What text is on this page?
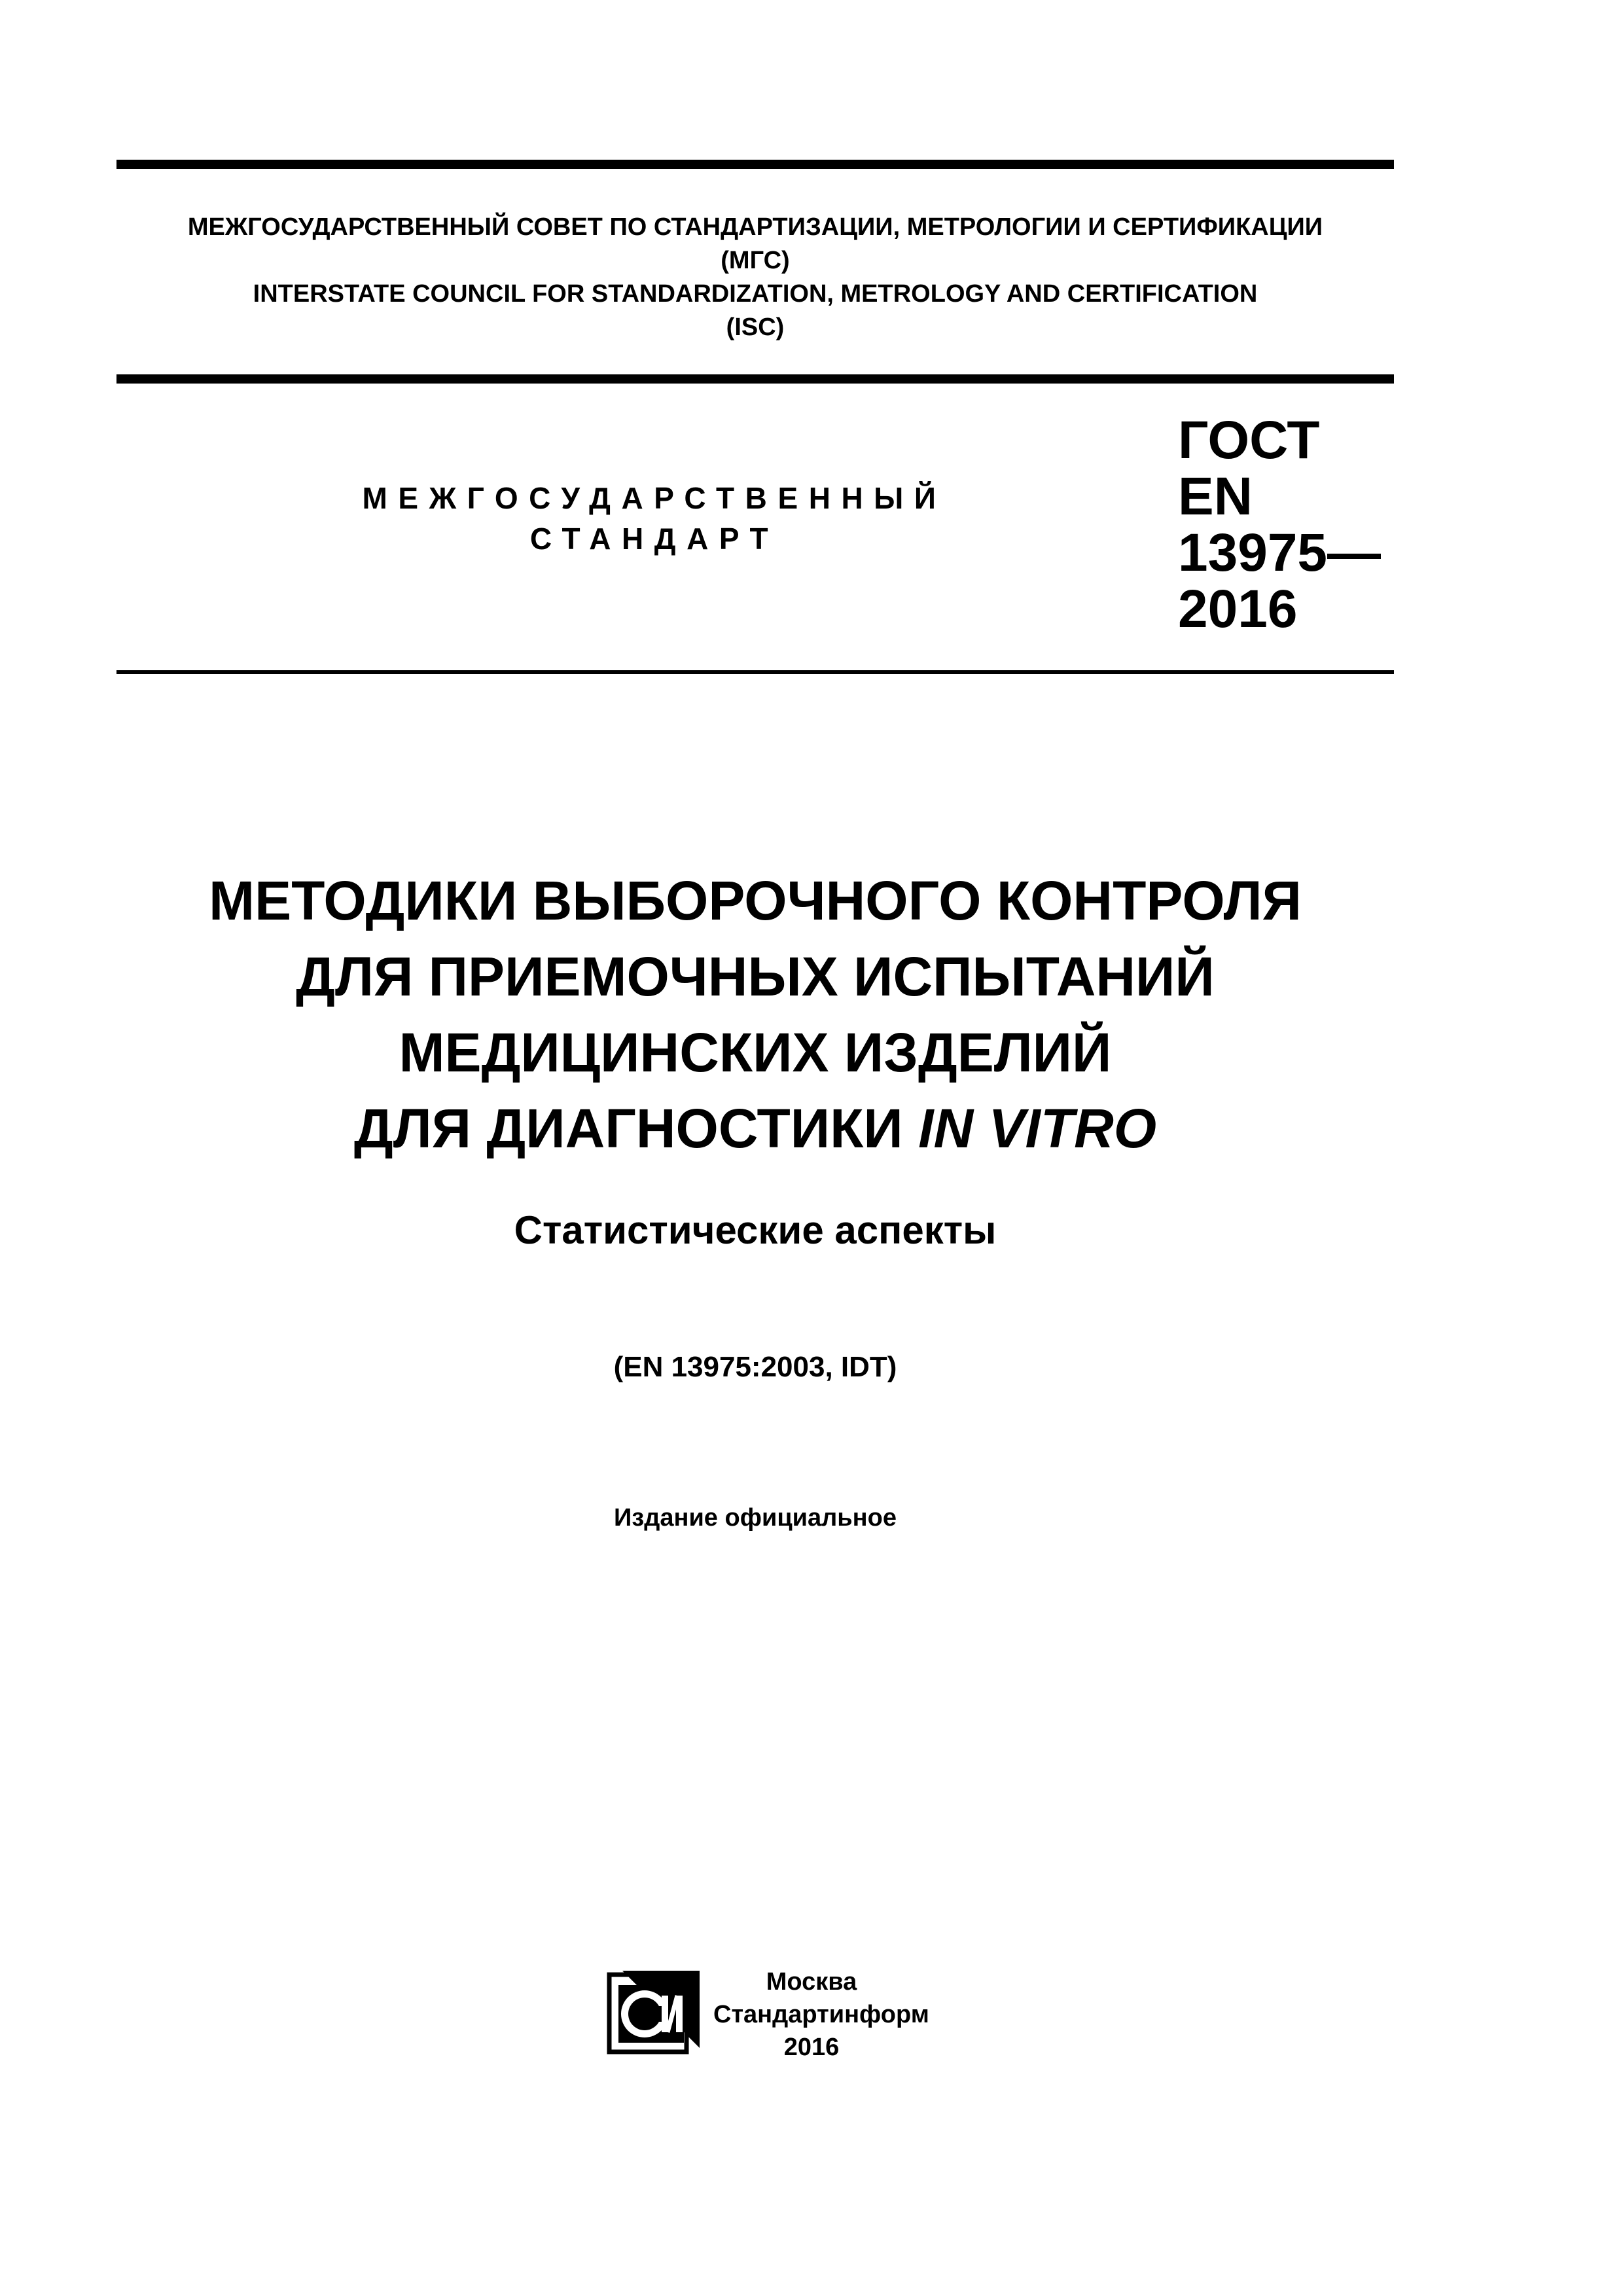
МЕЖГОСУДАРСТВЕННЫЙ СОВЕТ ПО СТАНДАРТИЗАЦИИ, МЕТРОЛОГИИ И СЕРТИФИКАЦИИ
(МГС)
INTERSTATE COUNCIL FOR STANDARDIZATION, METROLOGY AND CERTIFICATION
(ISC)
МЕЖГОСУДАРСТВЕННЫЙ
СТАНДАРТ
ГОСТ
EN
13975—
2016
МЕТОДИКИ ВЫБОРОЧНОГО КОНТРОЛЯ
ДЛЯ ПРИЕМОЧНЫХ ИСПЫТАНИЙ
МЕДИЦИНСКИХ ИЗДЕЛИЙ
ДЛЯ ДИАГНОСТИКИ IN VITRO
Статистические аспекты
(EN 13975:2003, IDT)
Издание официальное
Москва
Стандартинформ
2016
